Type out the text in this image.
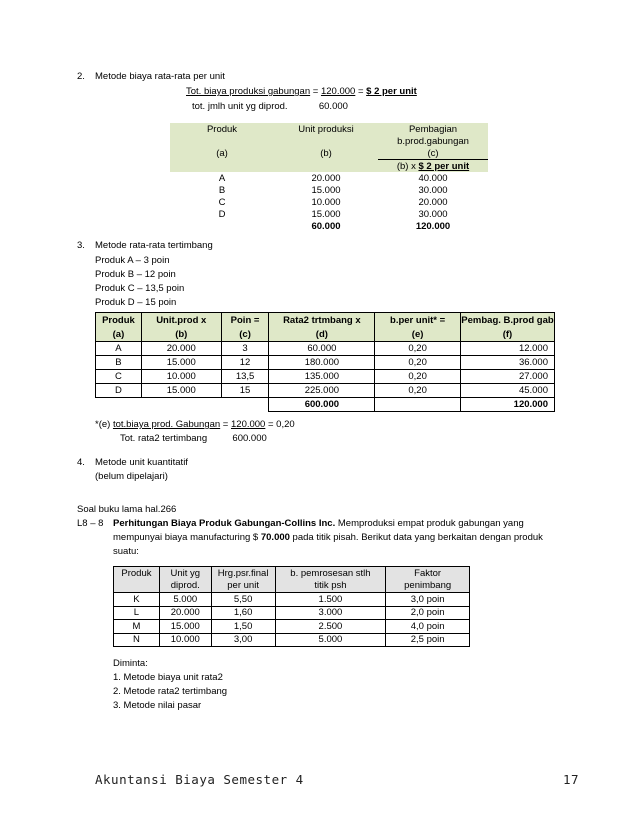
2. Metode biaya rata-rata per unit
Tot. biaya produksi gabungan = 120.000 = $ 2 per unit
tot. jmlh unit yg diprod.	60.000
Produk	Unit produksi	Pembagian
		b.prod.gabungan
(a)	(b)	(c)
		(b) x $ 2 per unit
A	20.000	40.000
B	15.000	30.000
C	10.000	20.000
D	15.000	30.000
	60.000	120.000
3. Metode rata-rata tertimbang
Produk A – 3 poin
Produk B – 12 poin
Produk C – 13,5 poin
Produk D – 15 poin
Produk	Unit.prod x	Poin =	Rata2 trtmbang x	b.per unit* =	Pembag. B.prod gab
(a)	(b)	(c)	(d)	(e)	(f)
A	20.000	3	60.000	0,20	12.000
B	15.000	12	180.000	0,20	36.000
C	10.000	13,5	135.000	0,20	27.000
D	15.000	15	225.000	0,20	45.000
			600.000		120.000
*(e) tot.biaya prod. Gabungan = 120.000 = 0,20
Tot. rata2 tertimbang	600.000
4. Metode unit kuantitatif
(belum dipelajari)
Soal buku lama hal.266
L8 – 8 Perhitungan Biaya Produk Gabungan-Collins Inc. Memproduksi empat produk gabungan yang
mempunyai biaya manufacturing $ 70.000 pada titik pisah. Berikut data yang berkaitan dengan produk
suatu:
Produk	Unit yg	Hrg.psr.final	b. pemrosesan stlh	Faktor
	diprod.	per unit	titik psh	penimbang
K	5.000	5,50	1.500	3,0 poin
L	20.000	1,60	3.000	2,0 poin
M	15.000	1,50	2.500	4,0 poin
N	10.000	3,00	5.000	2,5 poin
Diminta:
1. Metode biaya unit rata2
2. Metode rata2 tertimbang
3. Metode nilai pasar
Akuntansi Biaya Semester 4	17
